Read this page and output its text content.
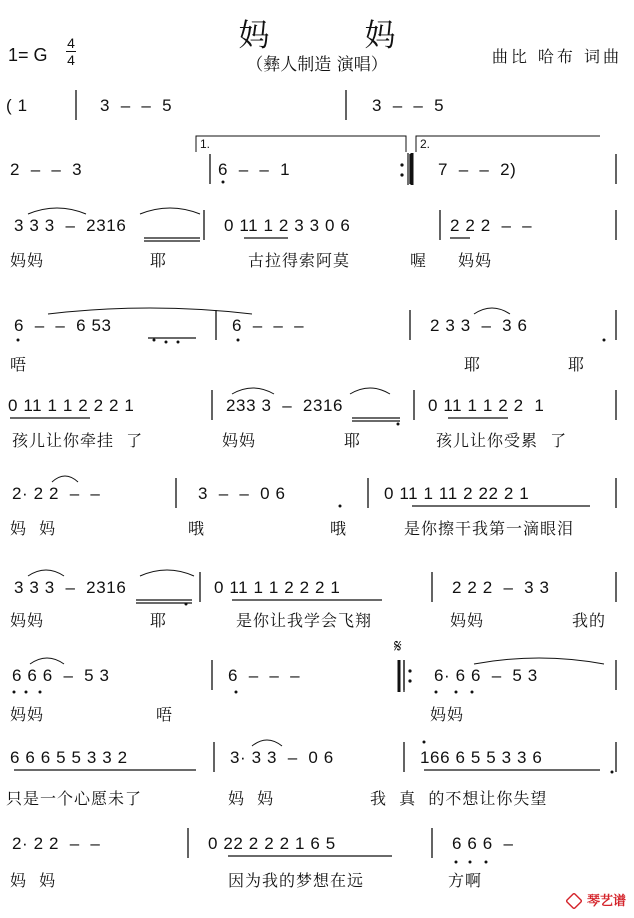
妈　妈
（彝人制造 演唱）
1= G
4
4	曲比 哈布 词曲
1.	2.
𝄋
( 1	3  –  –  5	3  –  –  5
2  –  –  3	6  –  –  1	7  –  –  2)
3 3 3  –  2316	0 11 1 2 3 3 0 6	2 2 2  –  –
妈妈	耶	古拉得索阿莫	喔 妈妈
6  –  –  6 53	6  –  –  –	2 3 3  –  3 6
唔	耶	耶
0 11 1 1 2 2 2 1	233 3  –  2316	0 11 1 1 2 2  1
孩儿让你牵挂  了	妈妈	耶	孩儿让你受累  了
2· 2 2  –  –	3  –  –  0 6	0 11 1 11 2 22 2 1
妈  妈	哦	哦	是你擦干我第一滴眼泪
3 3 3  –  2316	0 11 1 1 2 2 2 1	2 2 2  –  3 3
妈妈	耶	是你让我学会飞翔	妈妈	我的
6 6 6  –  5 3	6  –  –  –	6· 6 6  –  5 3
妈妈	唔	妈妈
6 6 6 5 5 3 3 2	3· 3 3  –  0 6	166 6 5 5 3 3 6
只是一个心愿未了	妈  妈	我  真  的不想让你失望
2· 2 2  –  –	0 22 2 2 2 1 6 5	6 6 6  –
妈  妈	因为我的梦想在远	方啊
琴艺谱
